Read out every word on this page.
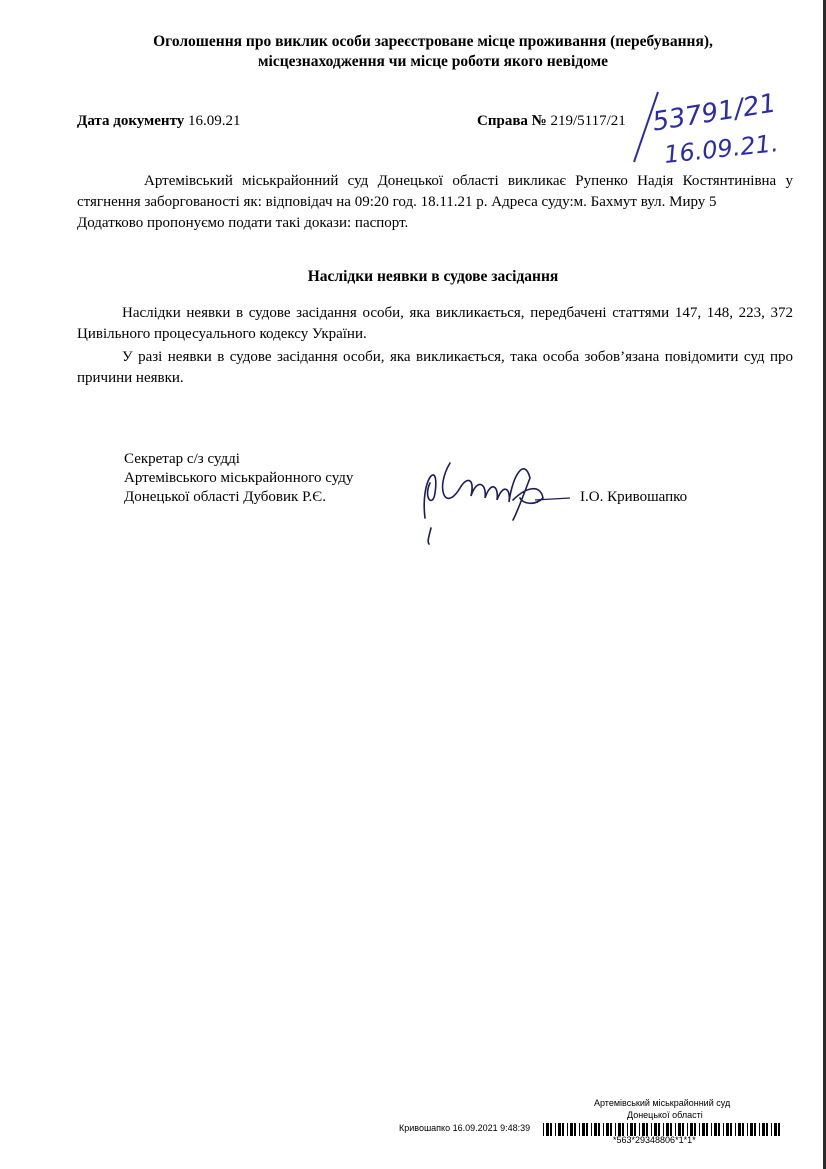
Оголошення про виклик особи зареєстроване місце проживання (перебування),
місцезнаходження чи місце роботи якого невідоме
Дата документу 16.09.21	Справа № 219/5117/21 53791/21
16.09.21.
Артемівський міськрайонний суд Донецької області викликає Рупенко Надія Костянтинівна у стягнення заборгованості як: відповідач на 09:20 год. 18.11.21 р. Адреса суду:м. Бахмут вул. Миру 5
Додатково пропонуємо подати такі докази: паспорт.
Наслідки неявки в судове засідання
Наслідки неявки в судове засідання особи, яка викликається, передбачені статтями 147, 148, 223, 372 Цивільного процесуального кодексу України.
У разі неявки в судове засідання особи, яка викликається, така особа зобов’язана повідомити суд про причини неявки.
Секретар с/з судді
Артемівського міськрайонного суду
Донецької області Дубовик Р.Є.	І.О. Кривошапко
Артемівський міськрайонний суд
Донецької області
Кривошапко 16.09.2021 9:48:39
*563*29348806*1*1*
